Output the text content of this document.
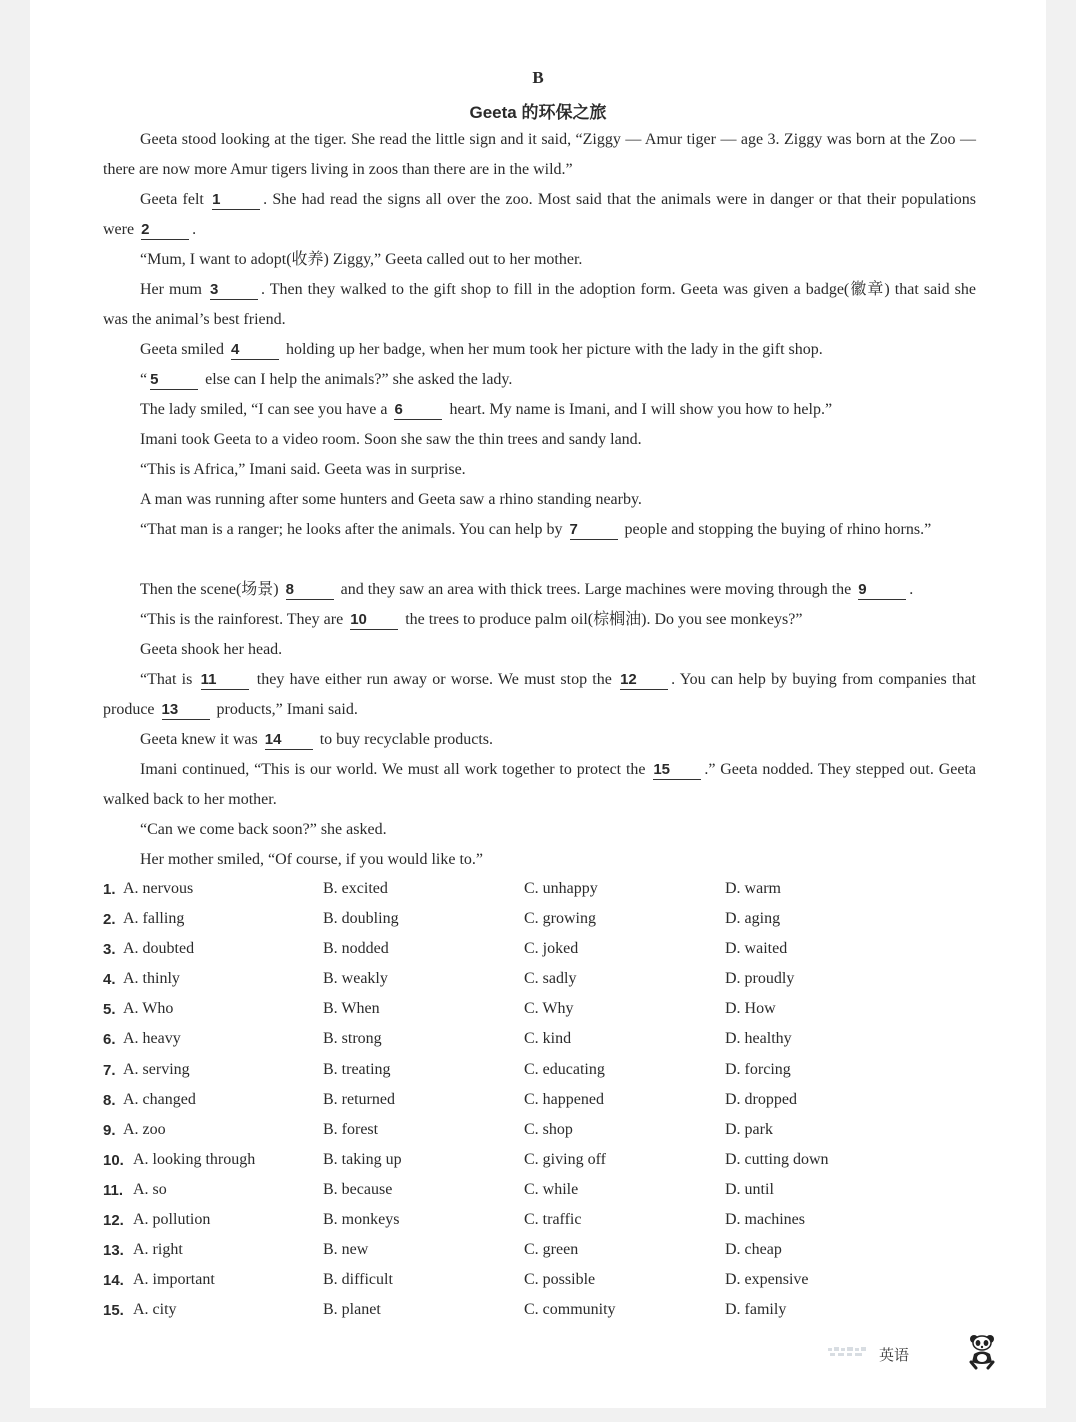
B
Geeta 的环保之旅
Geeta stood looking at the tiger. She read the little sign and it said, “Ziggy — Amur tiger — age 3. Ziggy was born at the Zoo — there are now more Amur tigers living in zoos than there are in the wild.”
Geeta felt 1	. She had read the signs all over the zoo. Most said that the animals were in danger or that their populations were 2	.
“Mum, I want to adopt(收养) Ziggy,” Geeta called out to her mother.
Her mum 3	. Then they walked to the gift shop to fill in the adoption form. Geeta was given a badge(徽章) that said she was the animal’s best friend.
Geeta smiled 4	holding up her badge, when her mum took her picture with the lady in the gift shop.
“ 5	else can I help the animals?” she asked the lady.
The lady smiled, “I can see you have a 6	heart. My name is Imani, and I will show you how to help.”
Imani took Geeta to a video room. Soon she saw the thin trees and sandy land.
“This is Africa,” Imani said. Geeta was in surprise.
A man was running after some hunters and Geeta saw a rhino standing nearby.
“That man is a ranger; he looks after the animals. You can help by 7	people and stopping the buying of rhino horns.”
Then the scene(场景) 8	and they saw an area with thick trees. Large machines were moving through the 9	.
“This is the rainforest. They are 10 the trees to produce palm oil(棕榈油). Do you see monkeys?”
Geeta shook her head.
“That is 11 they have either run away or worse. We must stop the 12 . You can help by buying from companies that produce 13 products,” Imani said.
Geeta knew it was 14 to buy recyclable products.
Imani continued, “This is our world. We must all work together to protect the 15 .” Geeta nodded. They stepped out. Geeta walked back to her mother.
“Can we come back soon?” she asked.
Her mother smiled, “Of course, if you would like to.”
1. A. nervous	B. excited	C. unhappy	D. warm
2. A. falling	B. doubling	C. growing	D. aging
3. A. doubted	B. nodded	C. joked	D. waited
4. A. thinly	B. weakly	C. sadly	D. proudly
5. A. Who	B. When	C. Why	D. How
6. A. heavy	B. strong	C. kind	D. healthy
7. A. serving	B. treating	C. educating	D. forcing
8. A. changed	B. returned	C. happened	D. dropped
9. A. zoo	B. forest	C. shop	D. park
10. A. looking through	B. taking up	C. giving off	D. cutting down
11. A. so	B. because	C. while	D. until
12. A. pollution	B. monkeys	C. traffic	D. machines
13. A. right	B. new	C. green	D. cheap
14. A. important	B. difficult	C. possible	D. expensive
15. A. city	B. planet	C. community	D. family
英语
